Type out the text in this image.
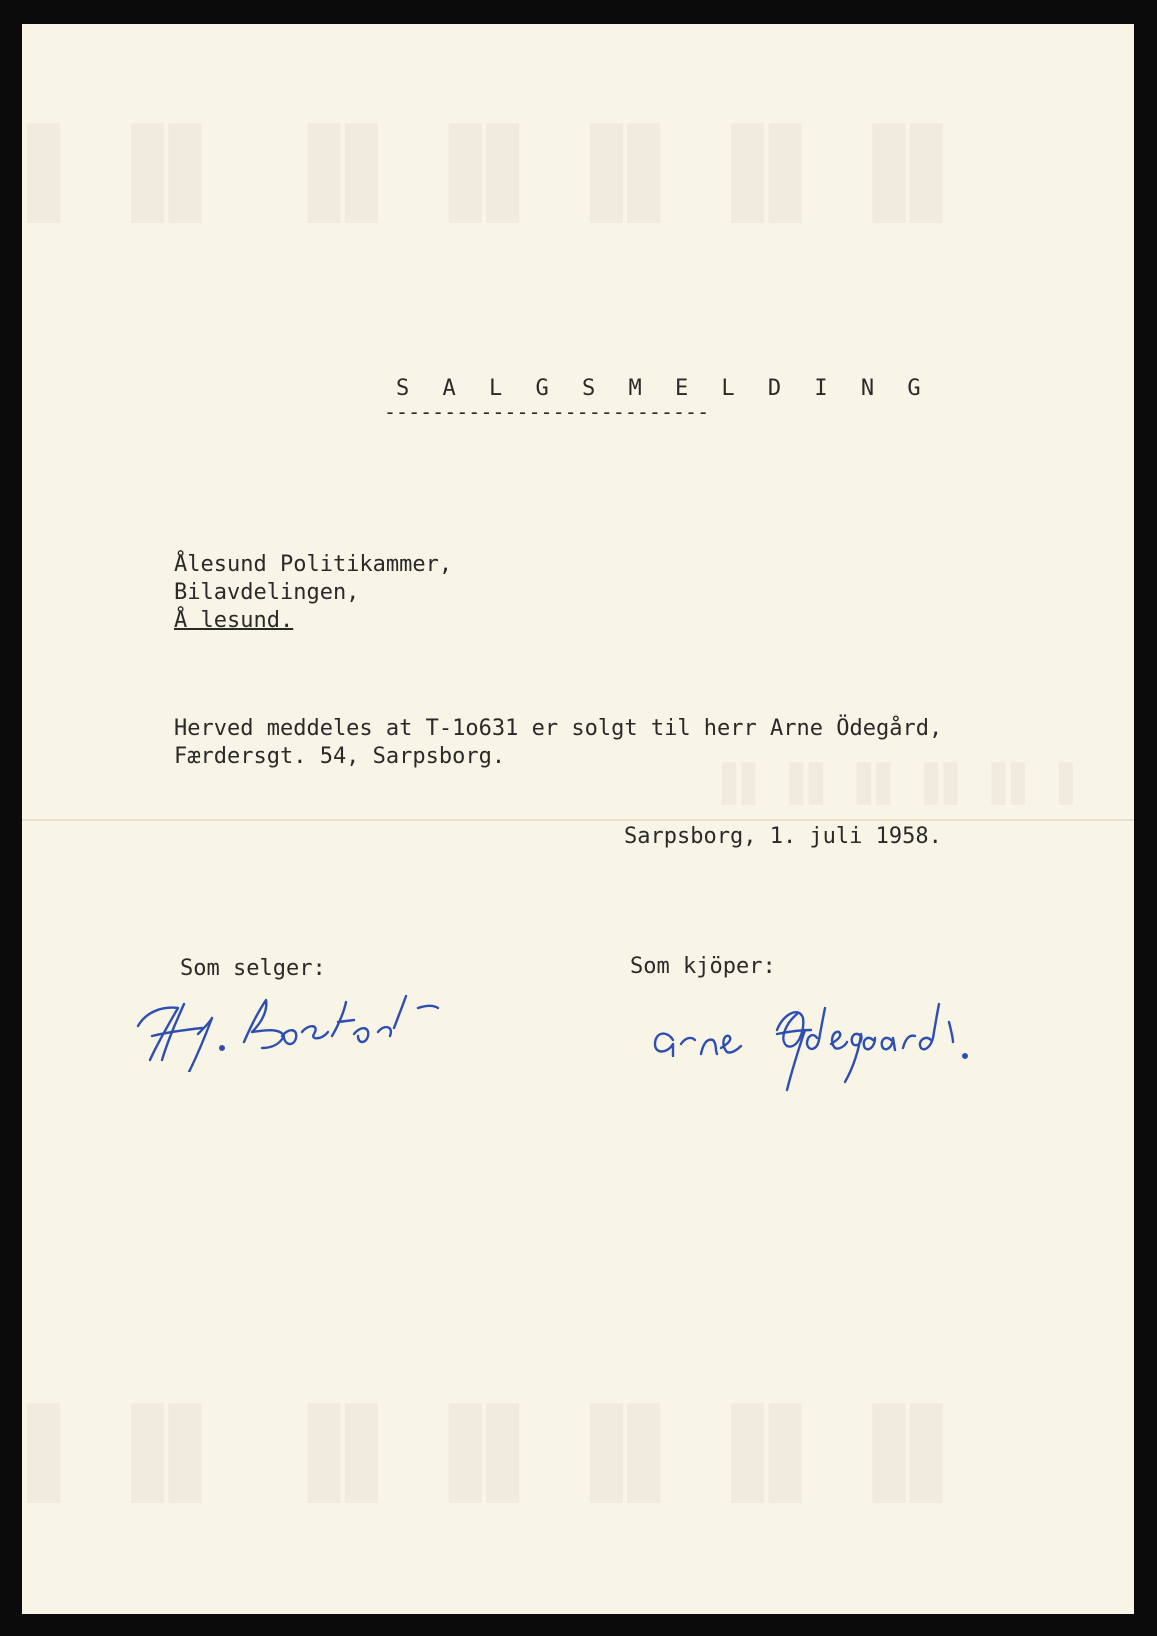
▐▌▐▌▐▌▐▌▐▌ ▐▌▐
▐▌▐▌▐▌▐▌▐▌ ▐▌▐
▌▐▌▐▌▐▌▐▌▐▌
S A L G S M E L D I N G
---------------------------
Ålesund Politikammer,
Bilavdelingen,
Å lesund.
Herved meddeles at T-1o631 er solgt til herr Arne Ödegård,
Færdersgt. 54, Sarpsborg.
Sarpsborg, 1. juli 1958.
Som selger:	Som kjöper:
